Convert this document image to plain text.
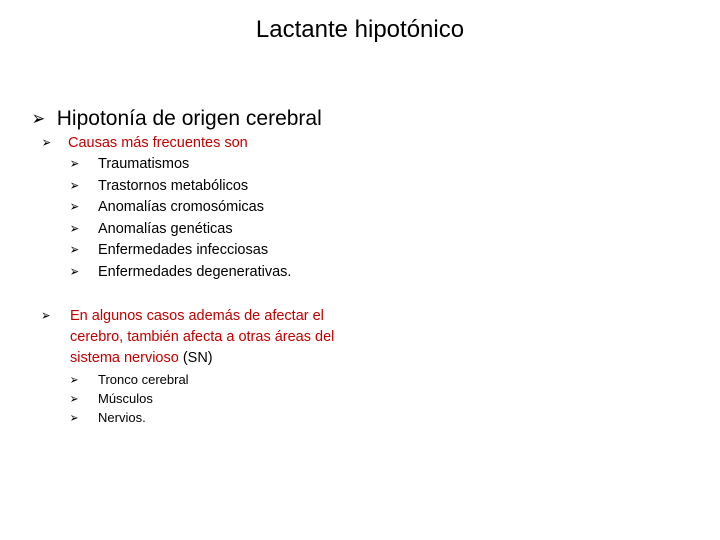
Lactante hipotónico
➢ Hipotonía de origen cerebral
➢ Causas más frecuentes son
➢ Traumatismos
➢ Trastornos metabólicos
➢ Anomalías cromosómicas
➢ Anomalías genéticas
➢ Enfermedades infecciosas
➢ Enfermedades degenerativas.
➢ En algunos casos además de afectar el cerebro, también afecta a otras áreas del sistema nervioso (SN)
➢ Tronco cerebral
➢ Músculos
➢ Nervios.
